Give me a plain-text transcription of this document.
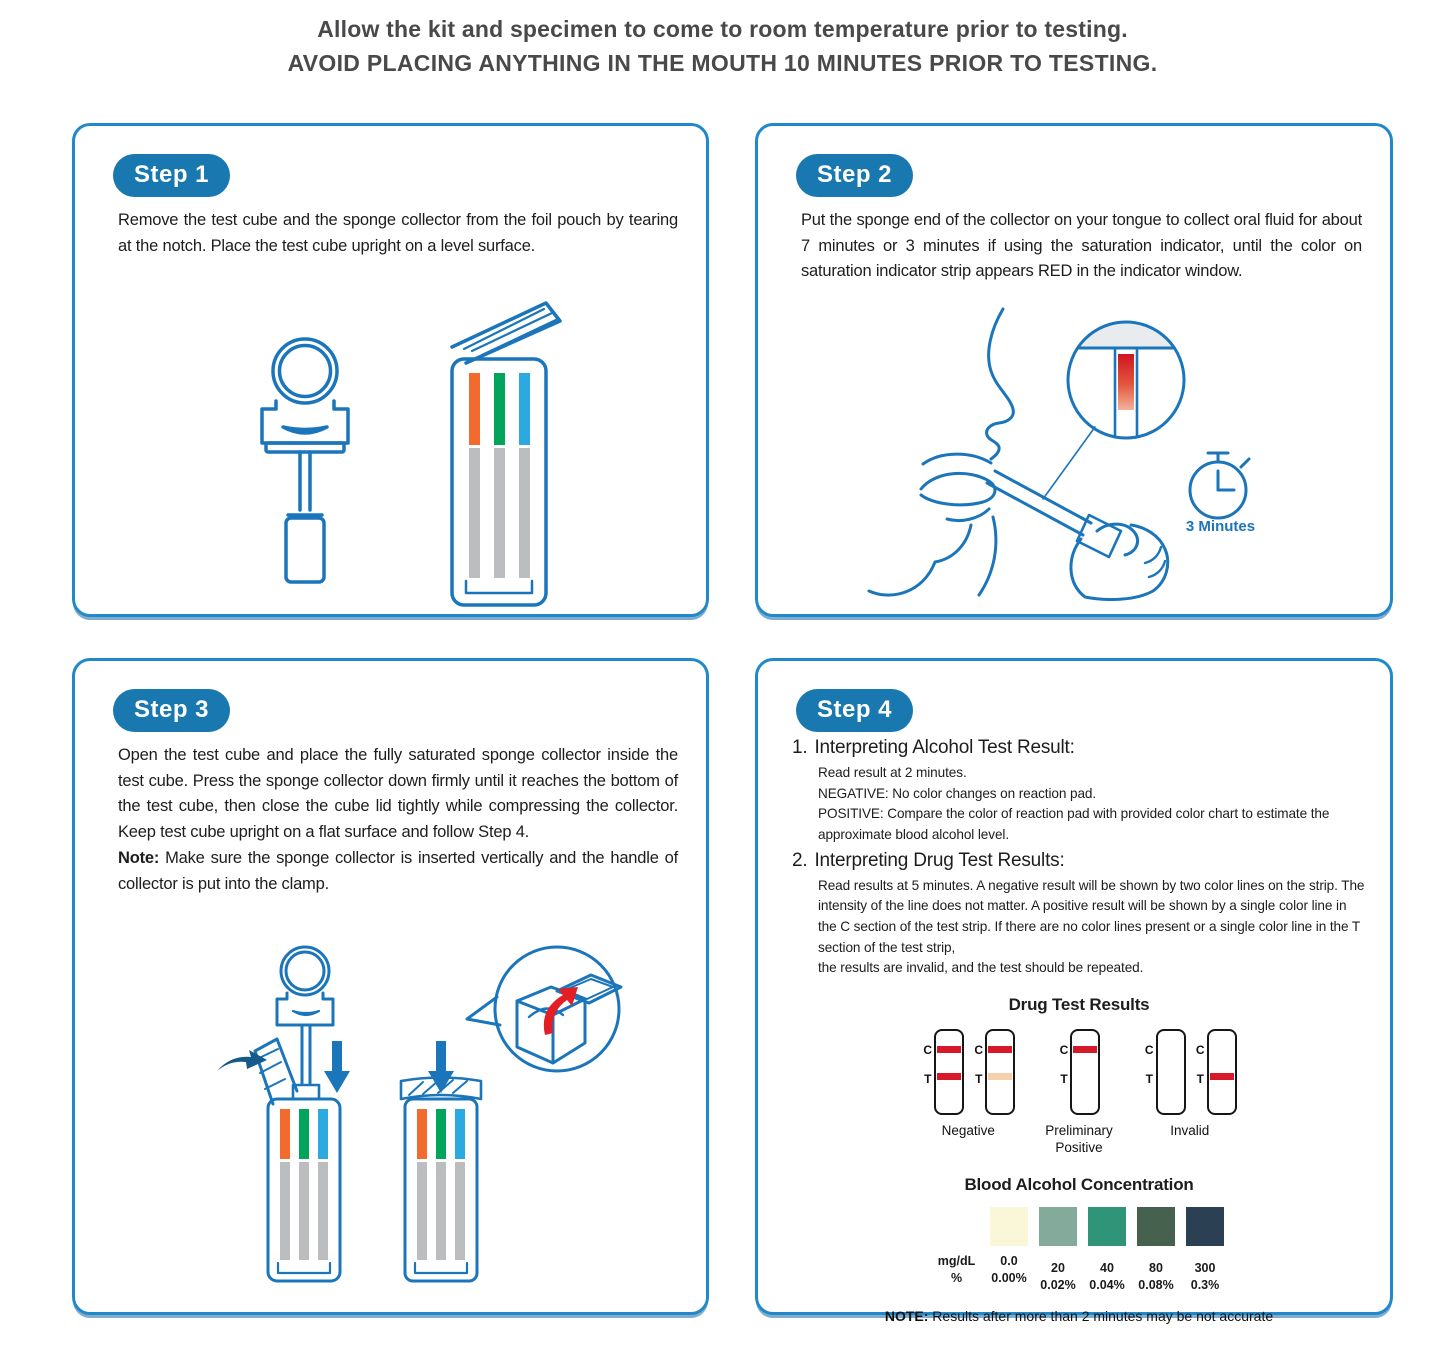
Allow the kit and specimen to come to room temperature prior to testing.
AVOID PLACING ANYTHING IN THE MOUTH 10 MINUTES PRIOR TO TESTING.
Step 1
Remove the test cube and the sponge collector from the foil pouch by tearing at the notch. Place the test cube upright on a level surface.
Step 2
Put the sponge end of the collector on your tongue to collect oral fluid for about 7 minutes or 3 minutes if using the saturation indicator, until the color on saturation indicator strip appears RED in the indicator window.
3 Minutes
Step 3
Open the test cube and place the fully saturated sponge collector inside the test cube. Press the sponge collector down firmly until it reaches the bottom of the test cube, then close the cube lid tightly while compressing the collector. Keep test cube upright on a flat surface and follow Step 4.
Note: Make sure the sponge collector is inserted vertically and the handle of collector is put into the clamp.
Step 4
1. Interpreting Alcohol Test Result:
Read result at 2 minutes.
NEGATIVE: No color changes on reaction pad.
POSITIVE: Compare the color of reaction pad with provided color chart to estimate the approximate blood alcohol level.
2. Interpreting Drug Test Results:
Read results at 5 minutes. A negative result will be shown by two color lines on the strip. The intensity of the line does not matter. A positive result will be shown by a single color line in the C section of the test strip. If there are no color lines present or a single color line in the T section of the test strip,
the results are invalid, and the test should be repeated.
Drug Test Results
C
T
C
T
Negative
C
T
Preliminary
Positive
C
T
C
T
Invalid
Blood Alcohol Concentration
mg/dL
%
0.0
0.00%
20
0.02%
40
0.04%
80
0.08%
300
0.3%
NOTE: Results after more than 2 minutes may be not accurate
